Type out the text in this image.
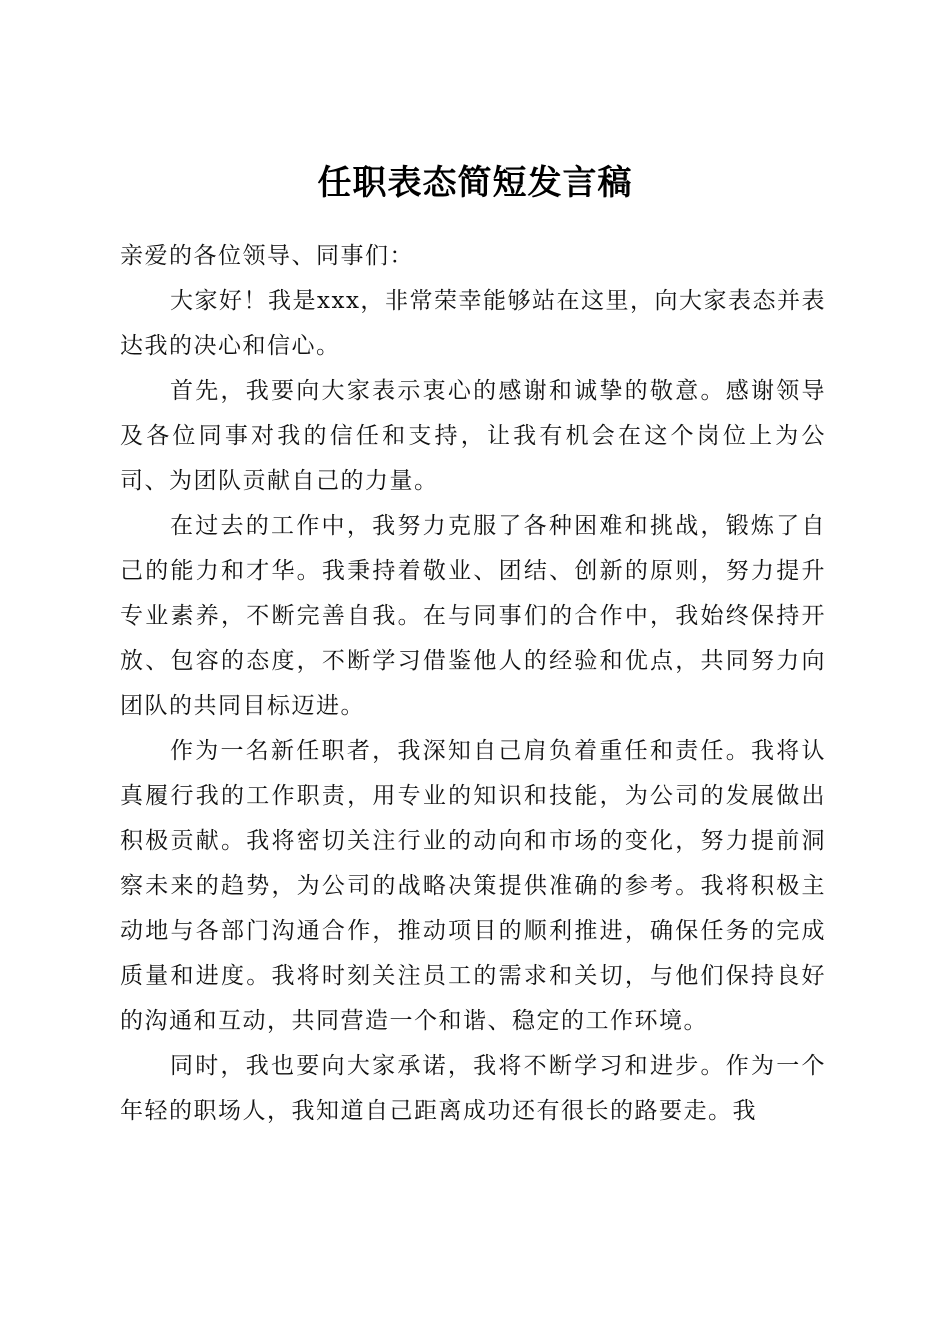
任职表态简短发言稿

亲爱的各位领导、同事们：

大家好！我是xxx，非常荣幸能够站在这里，向大家表态并表达我的决心和信心。

首先，我要向大家表示衷心的感谢和诚挚的敬意。感谢领导及各位同事对我的信任和支持，让我有机会在这个岗位上为公司、为团队贡献自己的力量。

在过去的工作中，我努力克服了各种困难和挑战，锻炼了自己的能力和才华。我秉持着敬业、团结、创新的原则，努力提升专业素养，不断完善自我。在与同事们的合作中，我始终保持开放、包容的态度，不断学习借鉴他人的经验和优点，共同努力向团队的共同目标迈进。

作为一名新任职者，我深知自己肩负着重任和责任。我将认真履行我的工作职责，用专业的知识和技能，为公司的发展做出积极贡献。我将密切关注行业的动向和市场的变化，努力提前洞察未来的趋势，为公司的战略决策提供准确的参考。我将积极主动地与各部门沟通合作，推动项目的顺利推进，确保任务的完成质量和进度。我将时刻关注员工的需求和关切，与他们保持良好的沟通和互动，共同营造一个和谐、稳定的工作环境。

同时，我也要向大家承诺，我将不断学习和进步。作为一个年轻的职场人，我知道自己距离成功还有很长的路要走。我
